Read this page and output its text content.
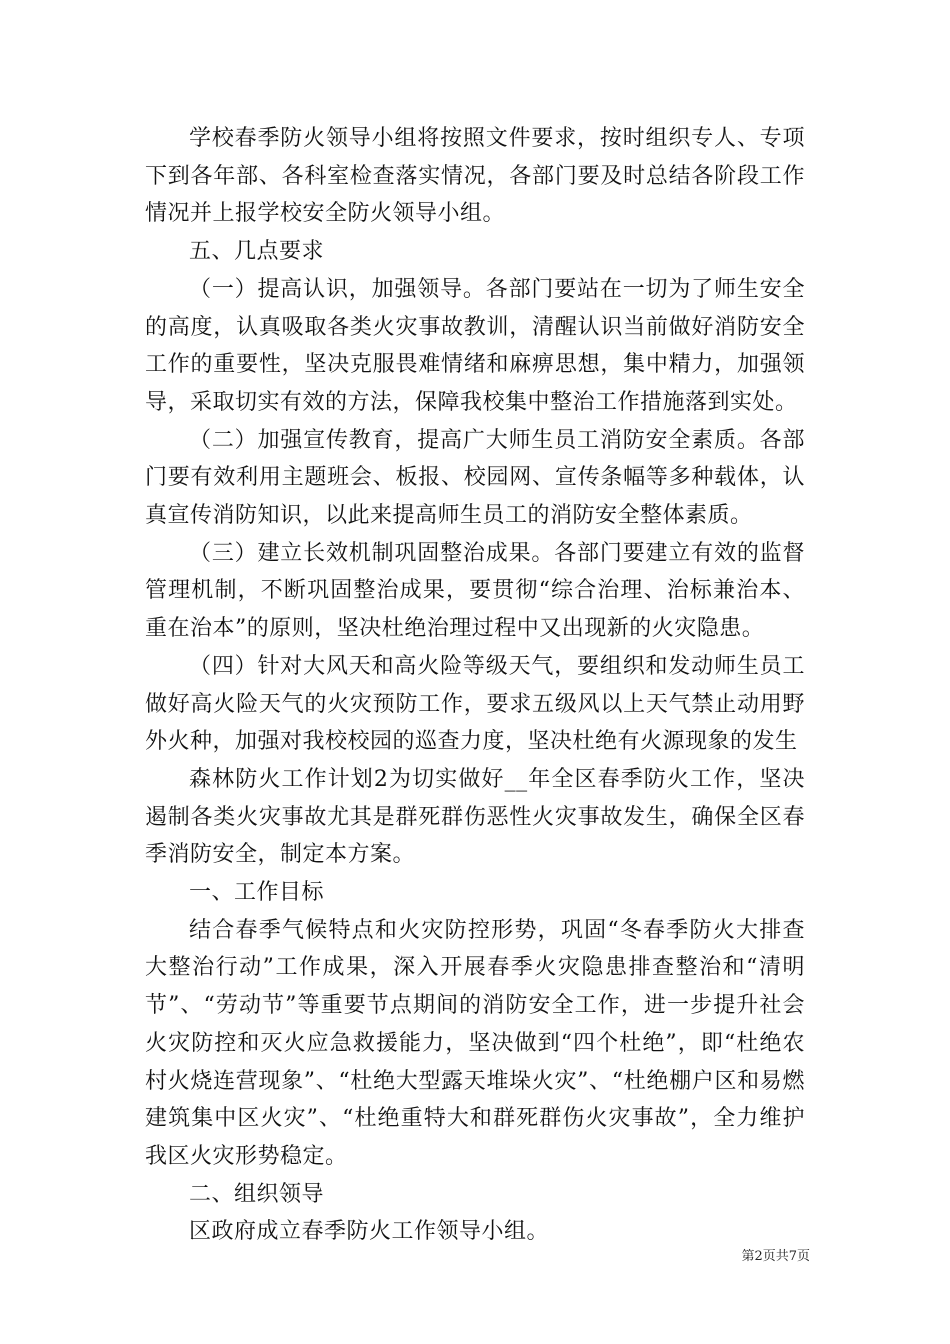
学校春季防火领导小组将按照文件要求，按时组织专人、专项下到各年部、各科室检查落实情况，各部门要及时总结各阶段工作情况并上报学校安全防火领导小组。

五、几点要求

（一）提高认识，加强领导。各部门要站在一切为了师生安全的高度，认真吸取各类火灾事故教训，清醒认识当前做好消防安全工作的重要性，坚决克服畏难情绪和麻痹思想，集中精力，加强领导，采取切实有效的方法，保障我校集中整治工作措施落到实处。

（二）加强宣传教育，提高广大师生员工消防安全素质。各部门要有效利用主题班会、板报、校园网、宣传条幅等多种载体，认真宣传消防知识，以此来提高师生员工的消防安全整体素质。

（三）建立长效机制巩固整治成果。各部门要建立有效的监督管理机制，不断巩固整治成果，要贯彻“综合治理、治标兼治本、重在治本”的原则，坚决杜绝治理过程中又出现新的火灾隐患。

（四）针对大风天和高火险等级天气，要组织和发动师生员工做好高火险天气的火灾预防工作，要求五级风以上天气禁止动用野外火种，加强对我校校园的巡查力度，坚决杜绝有火源现象的发生

森林防火工作计划2为切实做好__年全区春季防火工作，坚决遏制各类火灾事故尤其是群死群伤恶性火灾事故发生，确保全区春季消防安全，制定本方案。

一、工作目标

结合春季气候特点和火灾防控形势，巩固“冬春季防火大排查大整治行动”工作成果，深入开展春季火灾隐患排查整治和“清明节”、“劳动节”等重要节点期间的消防安全工作，进一步提升社会火灾防控和灭火应急救援能力，坚决做到“四个杜绝”，即“杜绝农村火烧连营现象”、“杜绝大型露天堆垛火灾”、“杜绝棚户区和易燃建筑集中区火灾”、“杜绝重特大和群死群伤火灾事故”，全力维护我区火灾形势稳定。

二、组织领导

区政府成立春季防火工作领导小组。

第2页共7页
